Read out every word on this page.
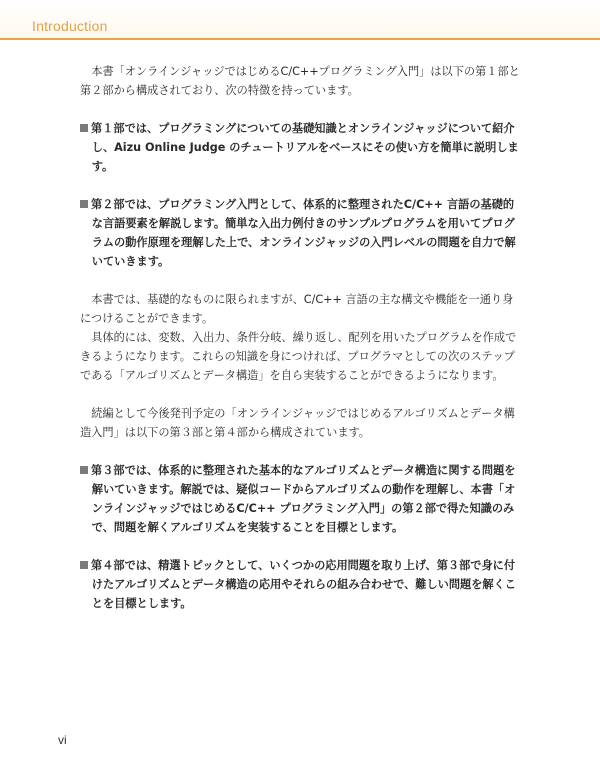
Introduction

本書「オンラインジャッジではじめるC/C++プログラミング入門」は以下の第１部と第２部から構成されており、次の特徴を持っています。

第１部では、プログラミングについての基礎知識とオンラインジャッジについて紹介し、Aizu Online Judge のチュートリアルをベースにその使い方を簡単に説明します。

第２部では、プログラミング入門として、体系的に整理されたC/C++ 言語の基礎的な言語要素を解説します。簡単な入出力例付きのサンプルプログラムを用いてプログラムの動作原理を理解した上で、オンラインジャッジの入門レベルの問題を自力で解いていきます。

本書では、基礎的なものに限られますが、C/C++ 言語の主な構文や機能を一通り身につけることができます。

具体的には、変数、入出力、条件分岐、繰り返し、配列を用いたプログラムを作成できるようになります。これらの知識を身につければ、プログラマとしての次のステップである「アルゴリズムとデータ構造」を自ら実装することができるようになります。

続編として今後発刊予定の「オンラインジャッジではじめるアルゴリズムとデータ構造入門」は以下の第３部と第４部から構成されています。

第３部では、体系的に整理された基本的なアルゴリズムとデータ構造に関する問題を解いていきます。解説では、疑似コードからアルゴリズムの動作を理解し、本書「オンラインジャッジではじめるC/C++ プログラミング入門」の第２部で得た知識のみで、問題を解くアルゴリズムを実装することを目標とします。

第４部では、精選トピックとして、いくつかの応用問題を取り上げ、第３部で身に付けたアルゴリズムとデータ構造の応用やそれらの組み合わせで、難しい問題を解くことを目標とします。

vi
